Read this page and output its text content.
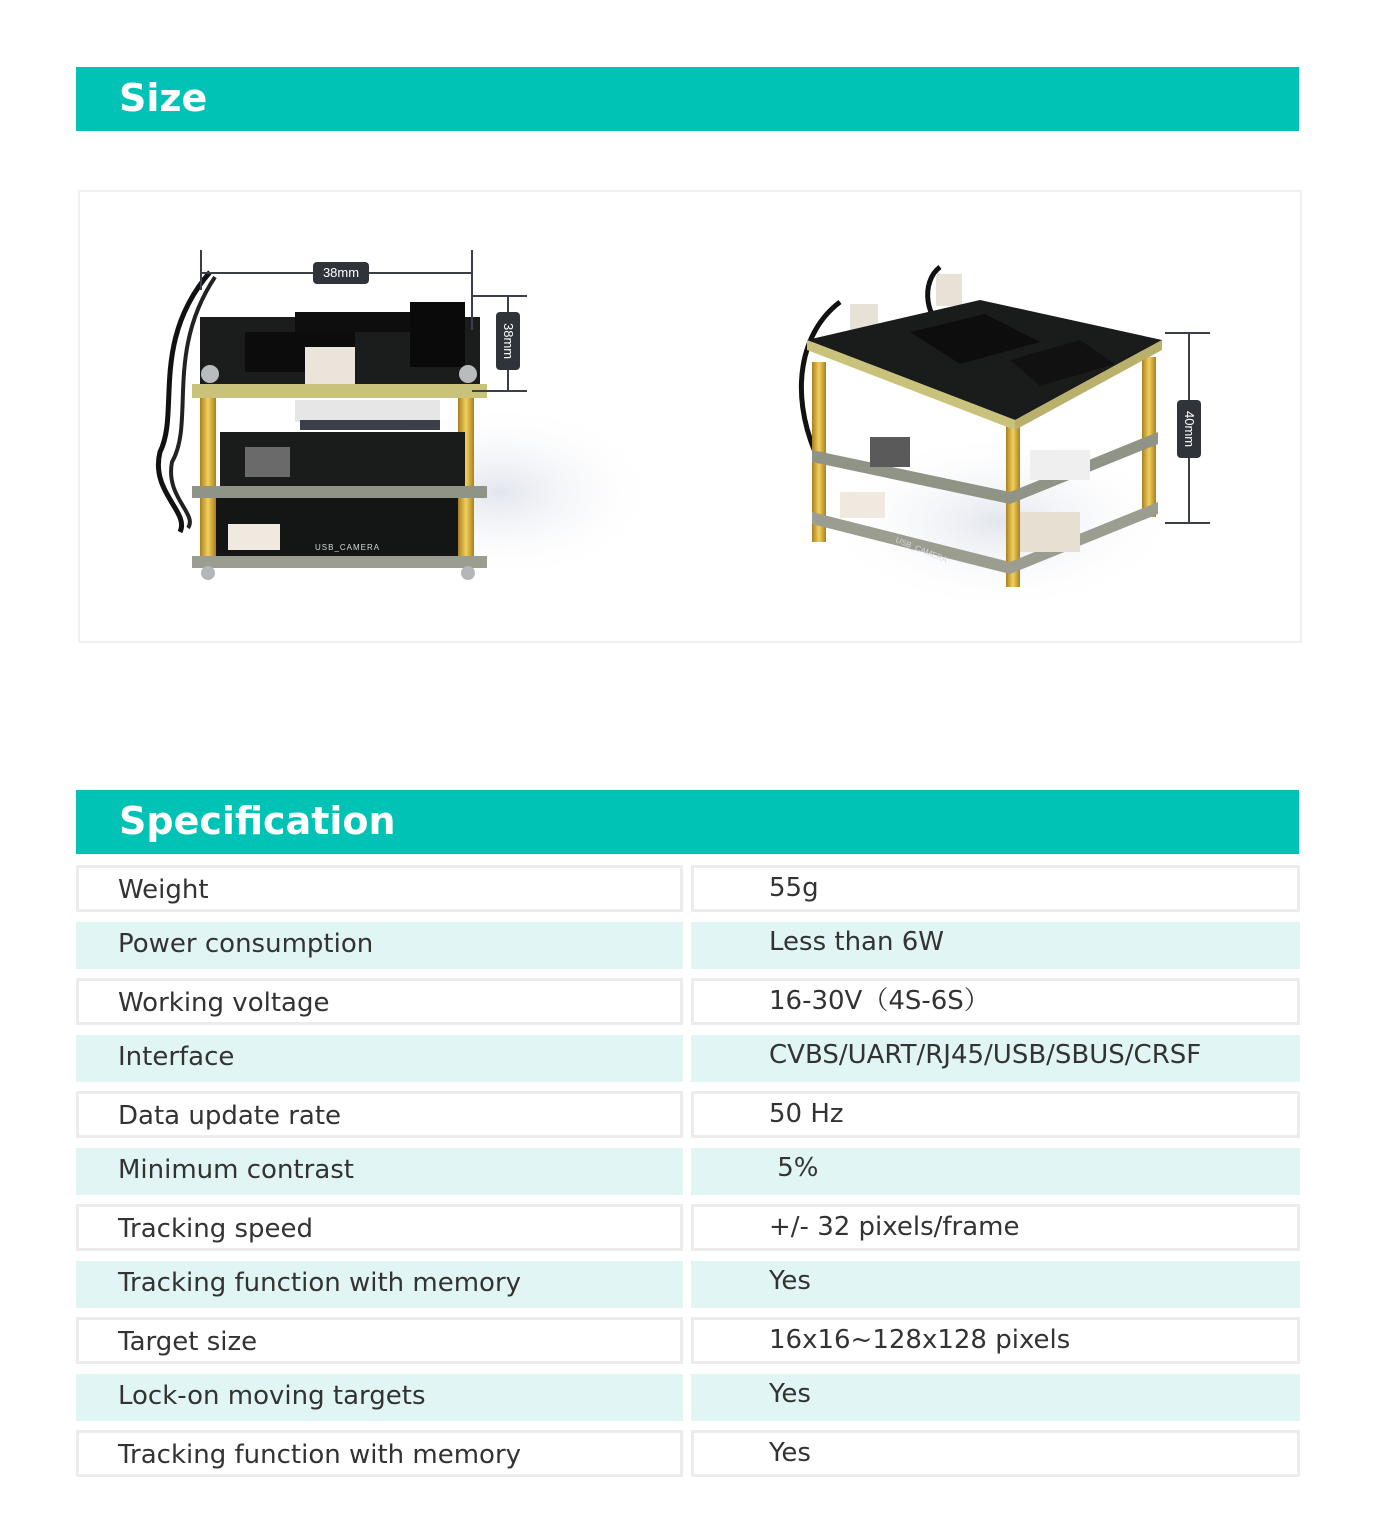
Size
USB_CAMERA	USB_CAMERA
38mm
38mm
40mm
Specification
Weight	55g
Power consumption	Less than 6W
Working voltage	16-30V（4S-6S）
Interface	CVBS/UART/RJ45/USB/SBUS/CRSF
Data update rate	50 Hz
Minimum contrast	5%
Tracking speed	+/- 32 pixels/frame
Tracking function with memory	Yes
Target size	16x16~128x128 pixels
Lock-on moving targets	Yes
Tracking function with memory	Yes
